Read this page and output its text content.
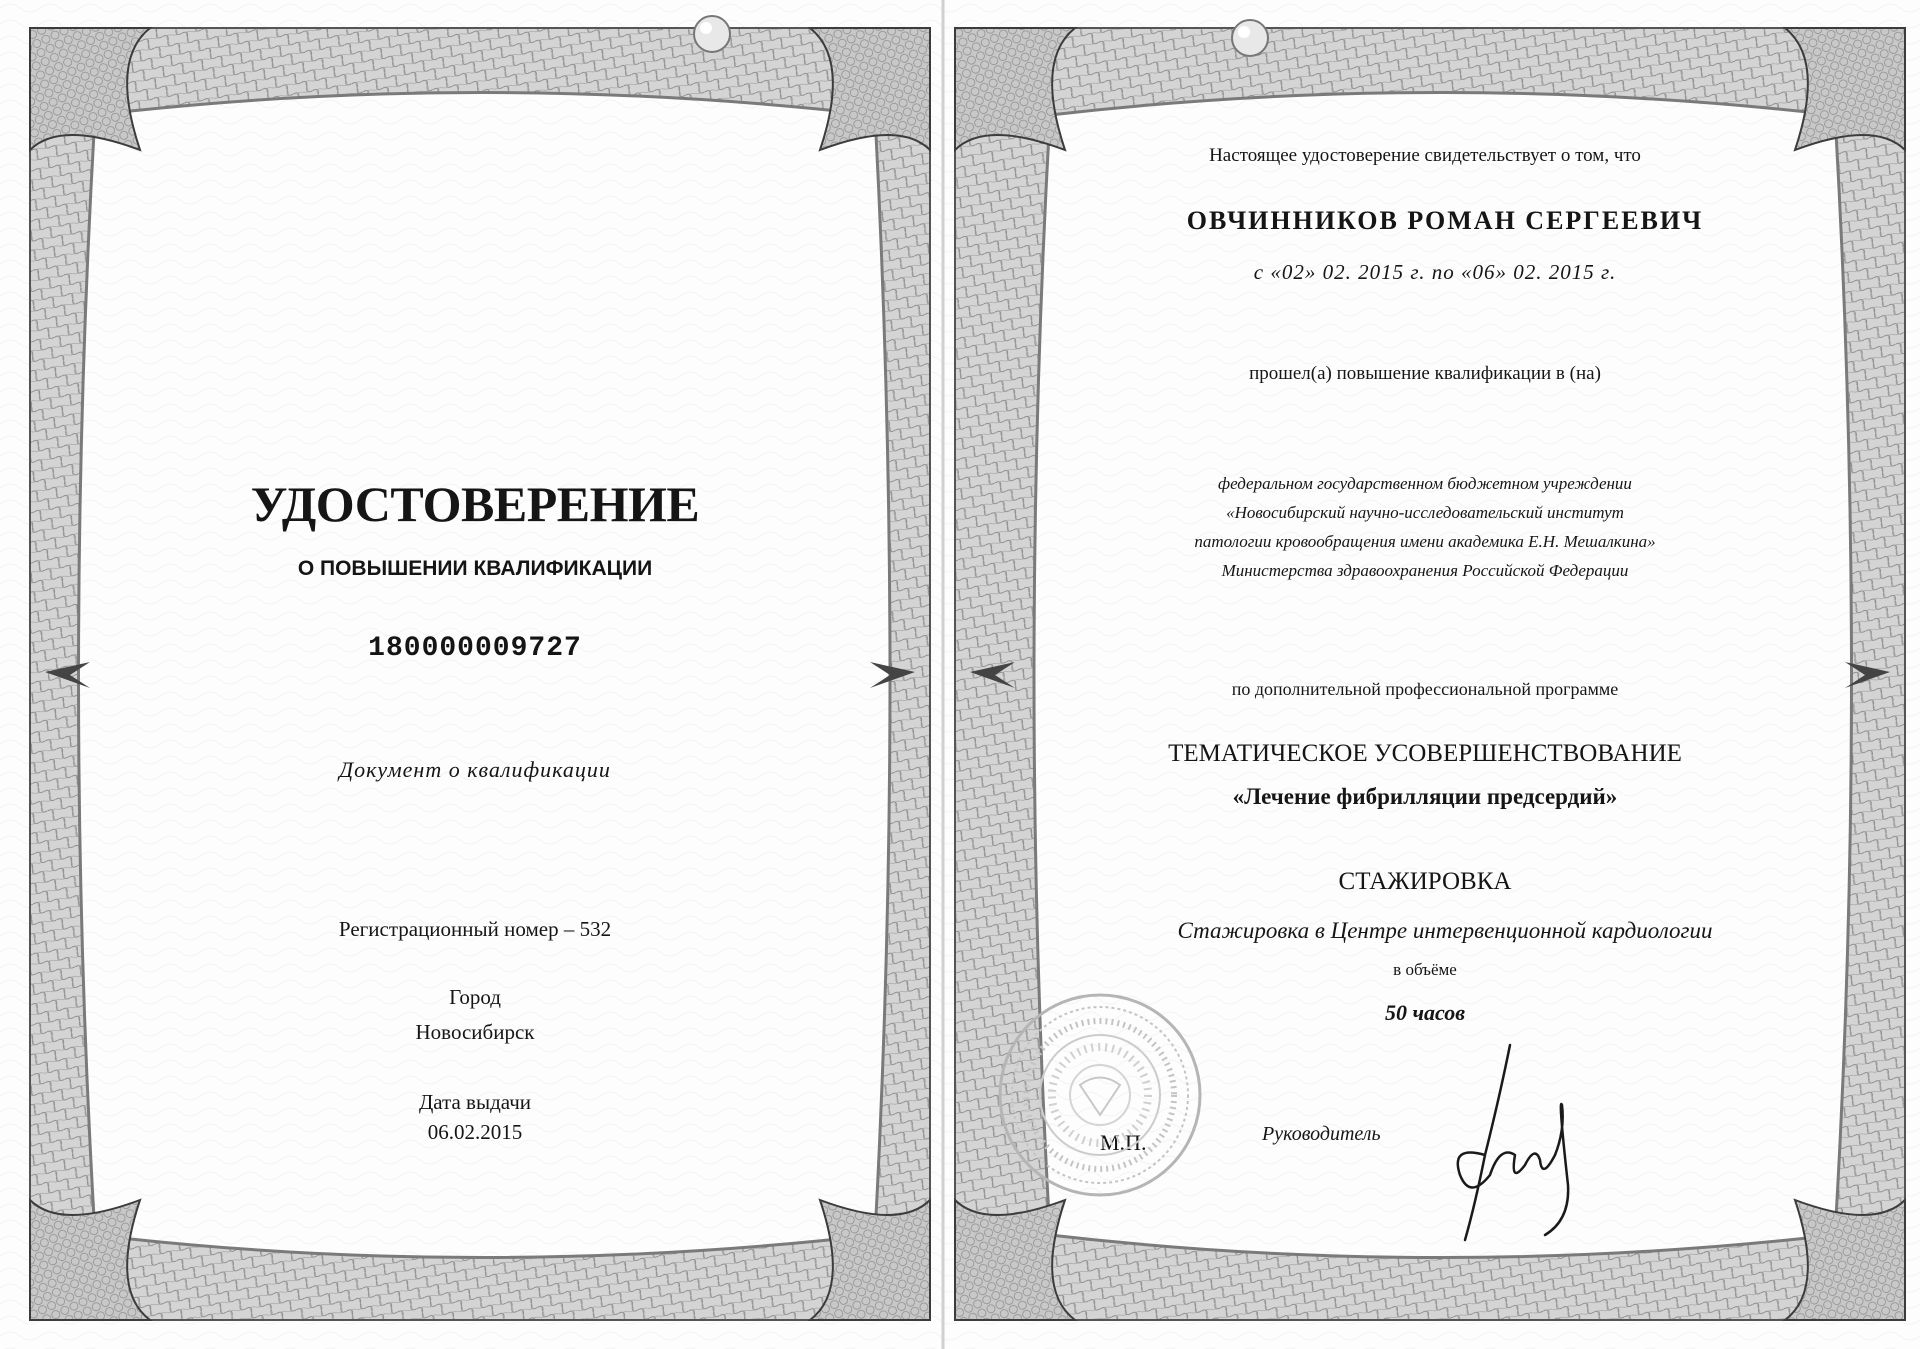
УДОСТОВЕРЕНИЕ
О ПОВЫШЕНИИ КВАЛИФИКАЦИИ
180000009727
Документ о квалификации
Регистрационный номер – 532
Город
Новосибирск
Дата выдачи
06.02.2015
Настоящее удостоверение свидетельствует о том, что
ОВЧИННИКОВ РОМАН СЕРГЕЕВИЧ
с «02» 02. 2015 г. по «06» 02. 2015 г.
прошел(а) повышение квалификации в (на)
федеральном государственном бюджетном учреждении
«Новосибирский научно-исследовательский институт
патологии кровообращения имени академика Е.Н. Мешалкина»
Министерства здравоохранения Российской Федерации
по дополнительной профессиональной программе
ТЕМАТИЧЕСКОЕ УСОВЕРШЕНСТВОВАНИЕ
«Лечение фибрилляции предсердий»
СТАЖИРОВКА
Стажировка в Центре интервенционной кардиологии
в объёме
50 часов
М.П.	Руководитель
